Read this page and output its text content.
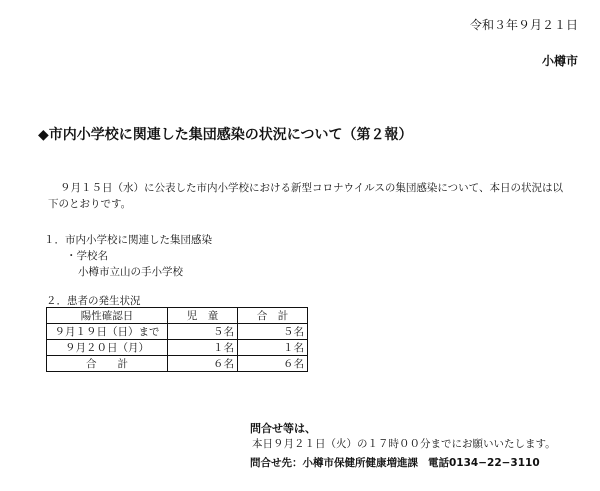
令和３年９月２１日
小樽市
◆市内小学校に関連した集団感染の状況について（第２報）
９月１５日（水）に公表した市内小学校における新型コロナウイルスの集団感染について、本日の状況は以下のとおりです。
１．市内小学校に関連した集団感染
・学校名
小樽市立山の手小学校
２．患者の発生状況
陽性確認日	児　童	合　計
９月１９日（日）まで	５名	５名
９月２０日（月）	１名	１名
合　　計	６名	６名
問合せ等は、
本日９月２１日（火）の１７時００分までにお願いいたします。
問合せ先：小樽市保健所健康増進課 電話0134−22−3110
